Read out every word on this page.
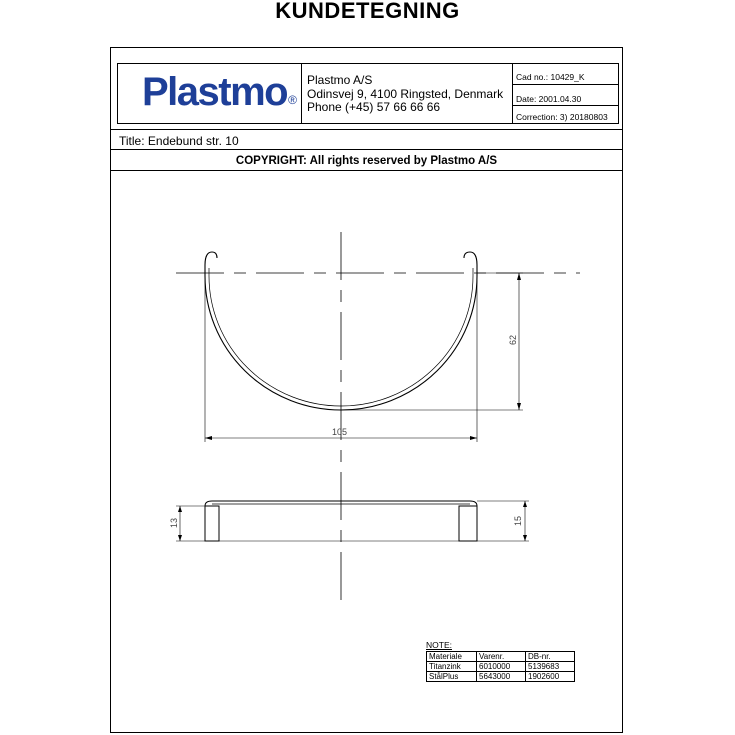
KUNDETEGNING
Plastmo®
Plastmo A/S
Odinsvej 9, 4100 Ringsted, Denmark
Phone (+45) 57 66 66 66
Cad no.: 10429_K
Date: 2001.04.30
Correction: 3) 20180803
Title: Endebund str. 10
COPYRIGHT: All rights reserved by Plastmo A/S
105
62
13	15
NOTE:
Materiale	Varenr.	DB-nr.
Titanzink	6010000	5139683
StålPlus	5643000	1902600
